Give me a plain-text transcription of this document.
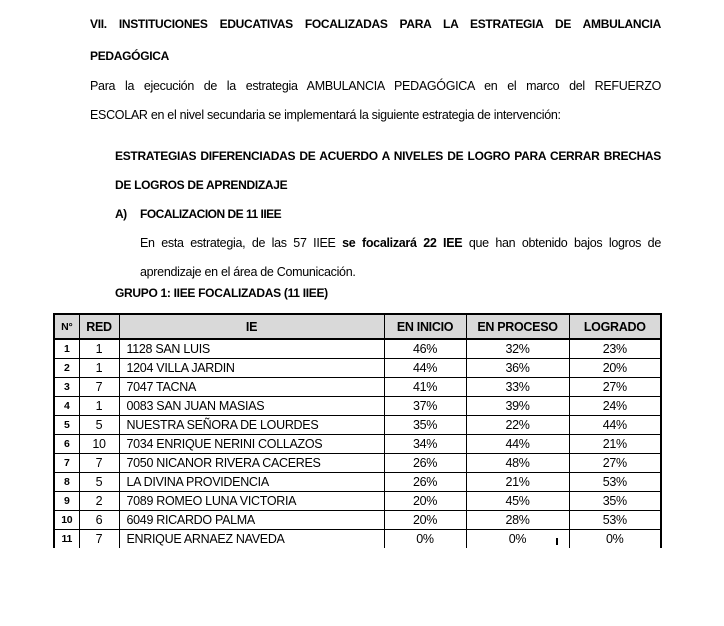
VII. INSTITUCIONES EDUCATIVAS FOCALIZADAS PARA LA ESTRATEGIA DE AMBULANCIA
PEDAGÓGICA
Para la ejecución de la estrategia AMBULANCIA PEDAGÓGICA en el marco del REFUERZO
ESCOLAR en el nivel secundaria se implementará la siguiente estrategia de intervención:
ESTRATEGIAS DIFERENCIADAS DE ACUERDO A NIVELES DE LOGRO PARA CERRAR BRECHAS
DE LOGROS DE APRENDIZAJE
A) FOCALIZACION DE 11 IIEE
En esta estrategia, de las 57 IIEE se focalizará 22 IEE que han obtenido bajos logros de
aprendizaje en el área de Comunicación.
GRUPO 1: IIEE FOCALIZADAS (11 IIEE)
N°	RED	IE	EN INICIO	EN PROCESO	LOGRADO
1	1	1128 SAN LUIS	46%	32%	23%
2	1	1204 VILLA JARDIN	44%	36%	20%
3	7	7047 TACNA	41%	33%	27%
4	1	0083 SAN JUAN MASIAS	37%	39%	24%
5	5	NUESTRA SEÑORA DE LOURDES	35%	22%	44%
6	10	7034 ENRIQUE NERINI COLLAZOS	34%	44%	21%
7	7	7050 NICANOR RIVERA CACERES	26%	48%	27%
8	5	LA DIVINA PROVIDENCIA	26%	21%	53%
9	2	7089 ROMEO LUNA VICTORIA	20%	45%	35%
10	6	6049 RICARDO PALMA	20%	28%	53%
11	7	ENRIQUE ARNAEZ NAVEDA	0%	0%	0%
